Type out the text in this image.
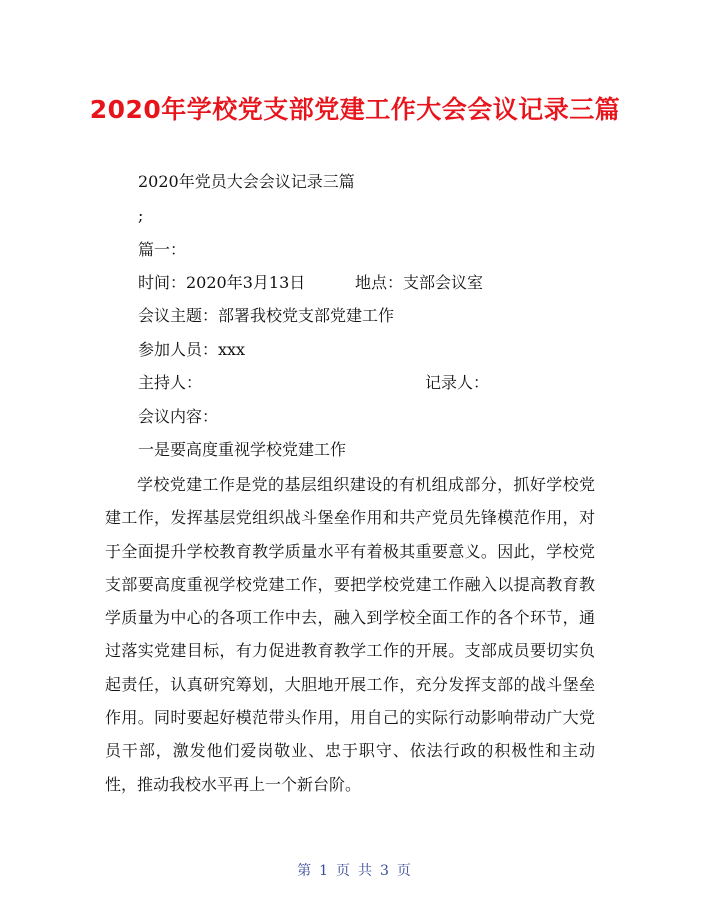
2020年学校党支部党建工作大会会议记录三篇
2020年党员大会会议记录三篇
;
篇一：
时间：2020年3月13日	地点：支部会议室
会议主题：部署我校党支部党建工作
参加人员：xxx
主持人：	记录人：
会议内容：
一是要高度重视学校党建工作

学校党建工作是党的基层组织建设的有机组成部分，抓好学校党建工作，发挥基层党组织战斗堡垒作用和共产党员先锋模范作用，对于全面提升学校教育教学质量水平有着极其重要意义。因此，学校党支部要高度重视学校党建工作，要把学校党建工作融入以提高教育教学质量为中心的各项工作中去，融入到学校全面工作的各个环节，通过落实党建目标，有力促进教育教学工作的开展。支部成员要切实负起责任，认真研究筹划，大胆地开展工作，充分发挥支部的战斗堡垒作用。同时要起好模范带头作用，用自己的实际行动影响带动广大党员干部，激发他们爱岗敬业、忠于职守、依法行政的积极性和主动性，推动我校水平再上一个新台阶。

第 1 页 共 3 页
